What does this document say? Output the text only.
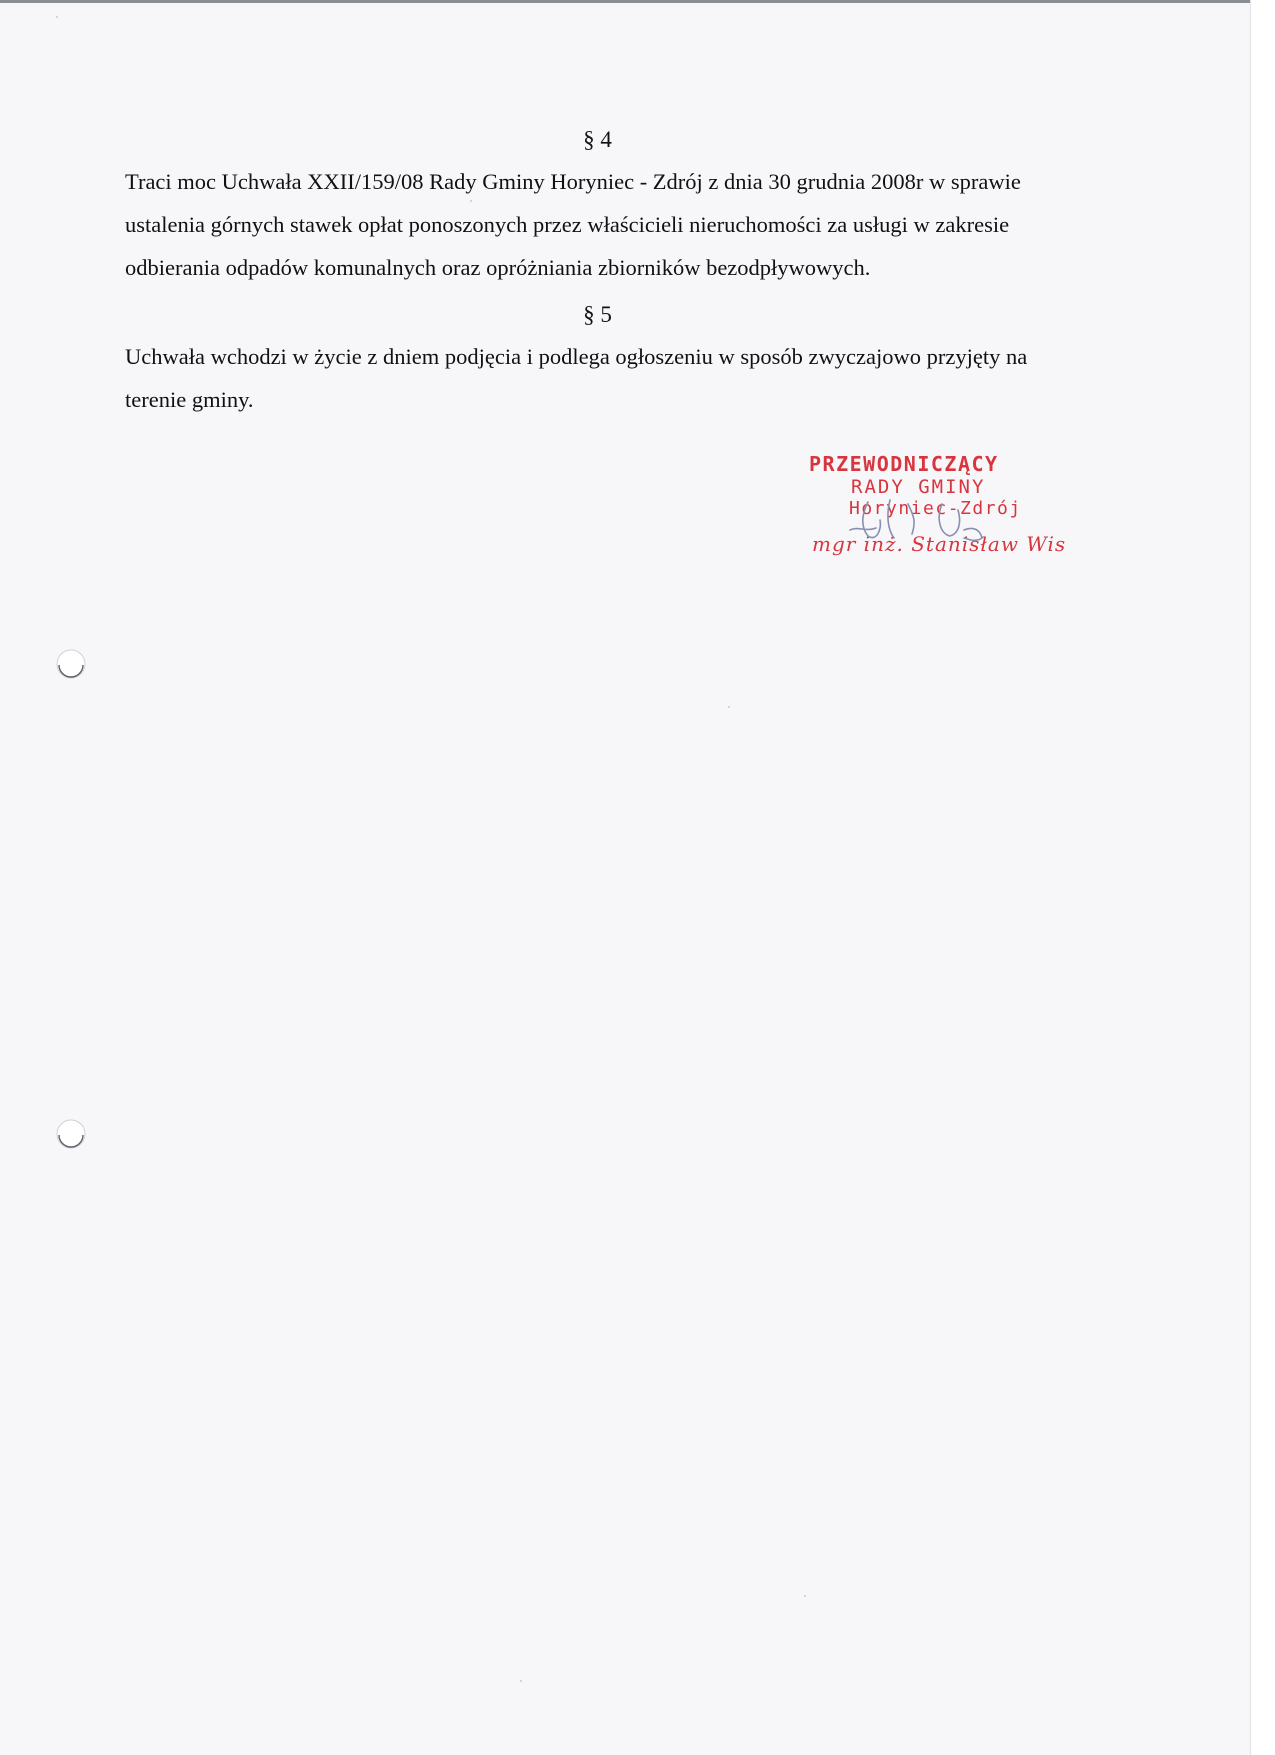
§ 4

Traci moc Uchwała XXII/159/08 Rady Gminy Horyniec - Zdrój z dnia 30 grudnia 2008r w sprawie

ustalenia górnych stawek opłat ponoszonych przez właścicieli nieruchomości za usługi w zakresie

odbierania odpadów komunalnych oraz opróżniania zbiorników bezodpływowych.

§ 5

Uchwała wchodzi w życie z dniem podjęcia i podlega ogłoszeniu w sposób zwyczajowo przyjęty na

terenie gminy.

PRZEWODNICZĄCY
RADY GMINY
Horyniec-Zdrój
mgr inż. Stanisław Wis
